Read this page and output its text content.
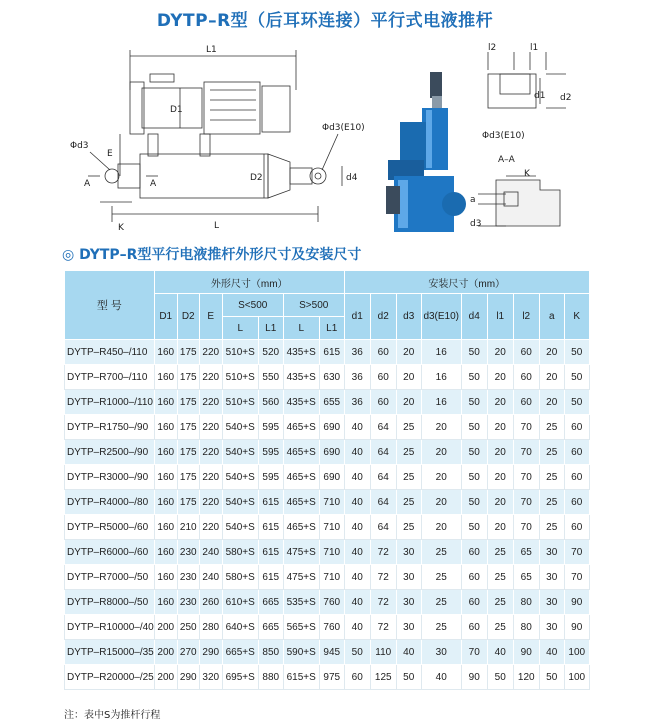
DYTP–R型（后耳环连接）平行式电液推杆
L1
D1
E
D2	d4
L
K
Φd3
Φd3(E10)
A	A
l2	l1
d1 d2
Φd3(E10)
A–A
a
K
d3
◎ DYTP–R型平行电液推杆外形尺寸及安装尺寸
型 号	外形尺寸（mm）							安装尺寸（mm）								
	D1	D2	E	S<500		S>500		d1	d2	d3	d3(E10)	d4	l1	l2	a	K
				L	L1	L	L1									
DYTP–R450–/110	160	175	220	510+S	520	435+S	615	36	60	20	16	50	20	60	20	50
DYTP–R700–/110	160	175	220	510+S	550	435+S	630	36	60	20	16	50	20	60	20	50
DYTP–R1000–/110	160	175	220	510+S	560	435+S	655	36	60	20	16	50	20	60	20	50
DYTP–R1750–/90	160	175	220	540+S	595	465+S	690	40	64	25	20	50	20	70	25	60
DYTP–R2500–/90	160	175	220	540+S	595	465+S	690	40	64	25	20	50	20	70	25	60
DYTP–R3000–/90	160	175	220	540+S	595	465+S	690	40	64	25	20	50	20	70	25	60
DYTP–R4000–/80	160	175	220	540+S	615	465+S	710	40	64	25	20	50	20	70	25	60
DYTP–R5000–/60	160	210	220	540+S	615	465+S	710	40	64	25	20	50	20	70	25	60
DYTP–R6000–/60	160	230	240	580+S	615	475+S	710	40	72	30	25	60	25	65	30	70
DYTP–R7000–/50	160	230	240	580+S	615	475+S	710	40	72	30	25	60	25	65	30	70
DYTP–R8000–/50	160	230	260	610+S	665	535+S	760	40	72	30	25	60	25	80	30	90
DYTP–R10000–/40	200	250	280	640+S	665	565+S	760	40	72	30	25	60	25	80	30	90
DYTP–R15000–/35	200	270	290	665+S	850	590+S	945	50	110	40	30	70	40	90	40	100
DYTP–R20000–/25	200	290	320	695+S	880	615+S	975	60	125	50	40	90	50	120	50	100
注：表中S为推杆行程
